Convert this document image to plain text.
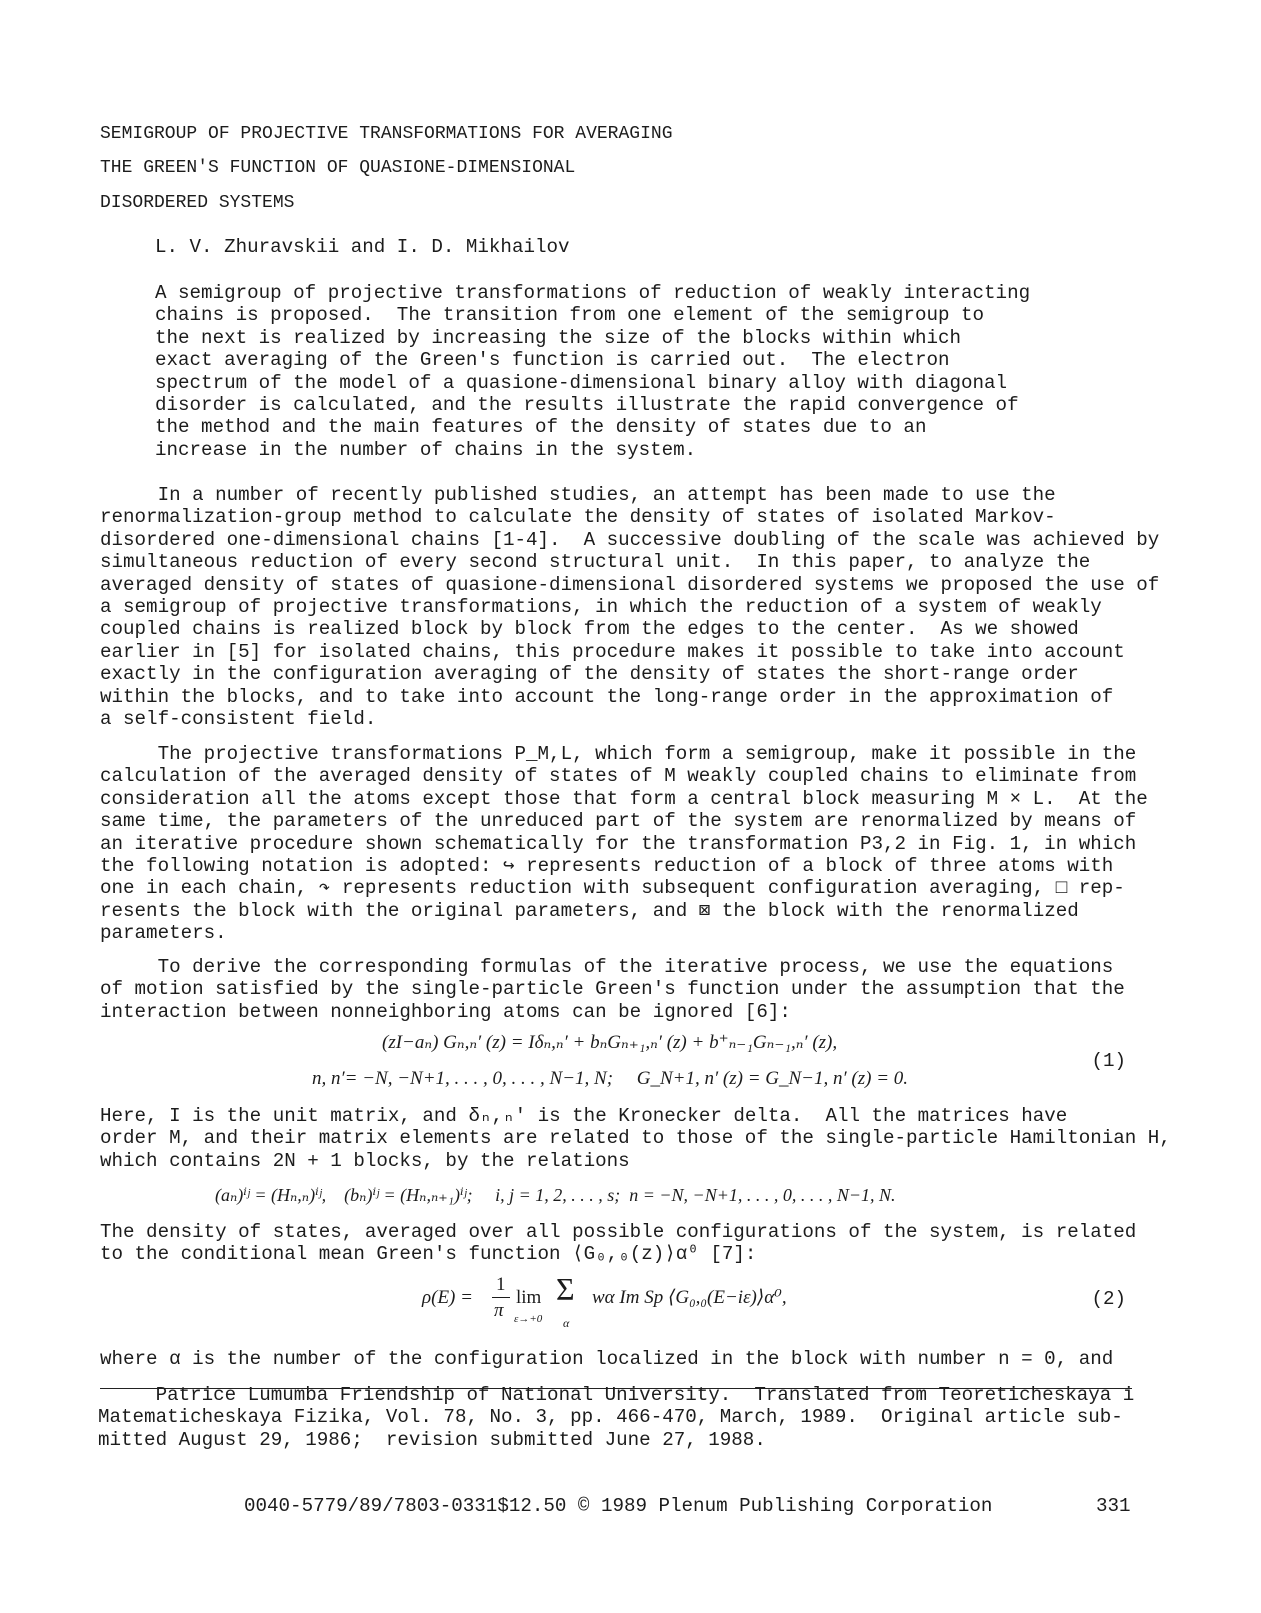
SEMIGROUP OF PROJECTIVE TRANSFORMATIONS FOR AVERAGING
THE GREEN'S FUNCTION OF QUASIONE-DIMENSIONAL
DISORDERED SYSTEMS
L. V. Zhuravskii and I. D. Mikhailov
A semigroup of projective transformations of reduction of weakly interacting
chains is proposed.  The transition from one element of the semigroup to
the next is realized by increasing the size of the blocks within which
exact averaging of the Green's function is carried out.  The electron
spectrum of the model of a quasione-dimensional binary alloy with diagonal
disorder is calculated, and the results illustrate the rapid convergence of
the method and the main features of the density of states due to an
increase in the number of chains in the system.
In a number of recently published studies, an attempt has been made to use the
renormalization-group method to calculate the density of states of isolated Markov-
disordered one-dimensional chains [1-4].  A successive doubling of the scale was achieved by
simultaneous reduction of every second structural unit.  In this paper, to analyze the
averaged density of states of quasione-dimensional disordered systems we proposed the use of
a semigroup of projective transformations, in which the reduction of a system of weakly
coupled chains is realized block by block from the edges to the center.  As we showed
earlier in [5] for isolated chains, this procedure makes it possible to take into account
exactly in the configuration averaging of the density of states the short-range order
within the blocks, and to take into account the long-range order in the approximation of
a self-consistent field.
The projective transformations P_M,L, which form a semigroup, make it possible in the
calculation of the averaged density of states of M weakly coupled chains to eliminate from
consideration all the atoms except those that form a central block measuring M × L.  At the
same time, the parameters of the unreduced part of the system are renormalized by means of
an iterative procedure shown schematically for the transformation P3,2 in Fig. 1, in which
the following notation is adopted: ↪ represents reduction of a block of three atoms with
one in each chain, ↷ represents reduction with subsequent configuration averaging, □ rep-
resents the block with the original parameters, and ⊠ the block with the renormalized
parameters.
To derive the corresponding formulas of the iterative process, we use the equations
of motion satisfied by the single-particle Green's function under the assumption that the
interaction between nonneighboring atoms can be ignored [6]:
(zI−aₙ) Gₙ,ₙ′ (z) = Iδₙ,ₙ′ + bₙGₙ₊₁,ₙ′ (z) + b⁺ₙ₋₁Gₙ₋₁,ₙ′ (z),
n, n′= −N, −N+1, . . . , 0, . . . , N−1, N;     G_N+1, n′ (z) = G_N−1, n′ (z) = 0.
(1)
Here, I is the unit matrix, and δₙ,ₙ′ is the Kronecker delta.  All the matrices have
order M, and their matrix elements are related to those of the single-particle Hamiltonian H,
which contains 2N + 1 blocks, by the relations
(aₙ)ⁱʲ = (Hₙ,ₙ)ⁱʲ,    (bₙ)ⁱʲ = (Hₙ,ₙ₊₁)ⁱʲ;     i, j = 1, 2, . . . , s;  n = −N, −N+1, . . . , 0, . . . , N−1, N.
The density of states, averaged over all possible configurations of the system, is related
to the conditional mean Green's function ⟨G₀,₀(z)⟩α⁰ [7]:
ρ(E) =
1
π
lim
ε→+0
Σ
α
wα Im Sp ⟨G₀,₀(E−iε)⟩α⁰,	(2)
where α is the number of the configuration localized in the block with number n = 0, and
Patrice Lumumba Friendship of National University.  Translated from Teoreticheskaya i
Matematicheskaya Fizika, Vol. 78, No. 3, pp. 466-470, March, 1989.  Original article sub-
mitted August 29, 1986;  revision submitted June 27, 1988.
0040-5779/89/7803-0331$12.50 © 1989 Plenum Publishing Corporation	331
